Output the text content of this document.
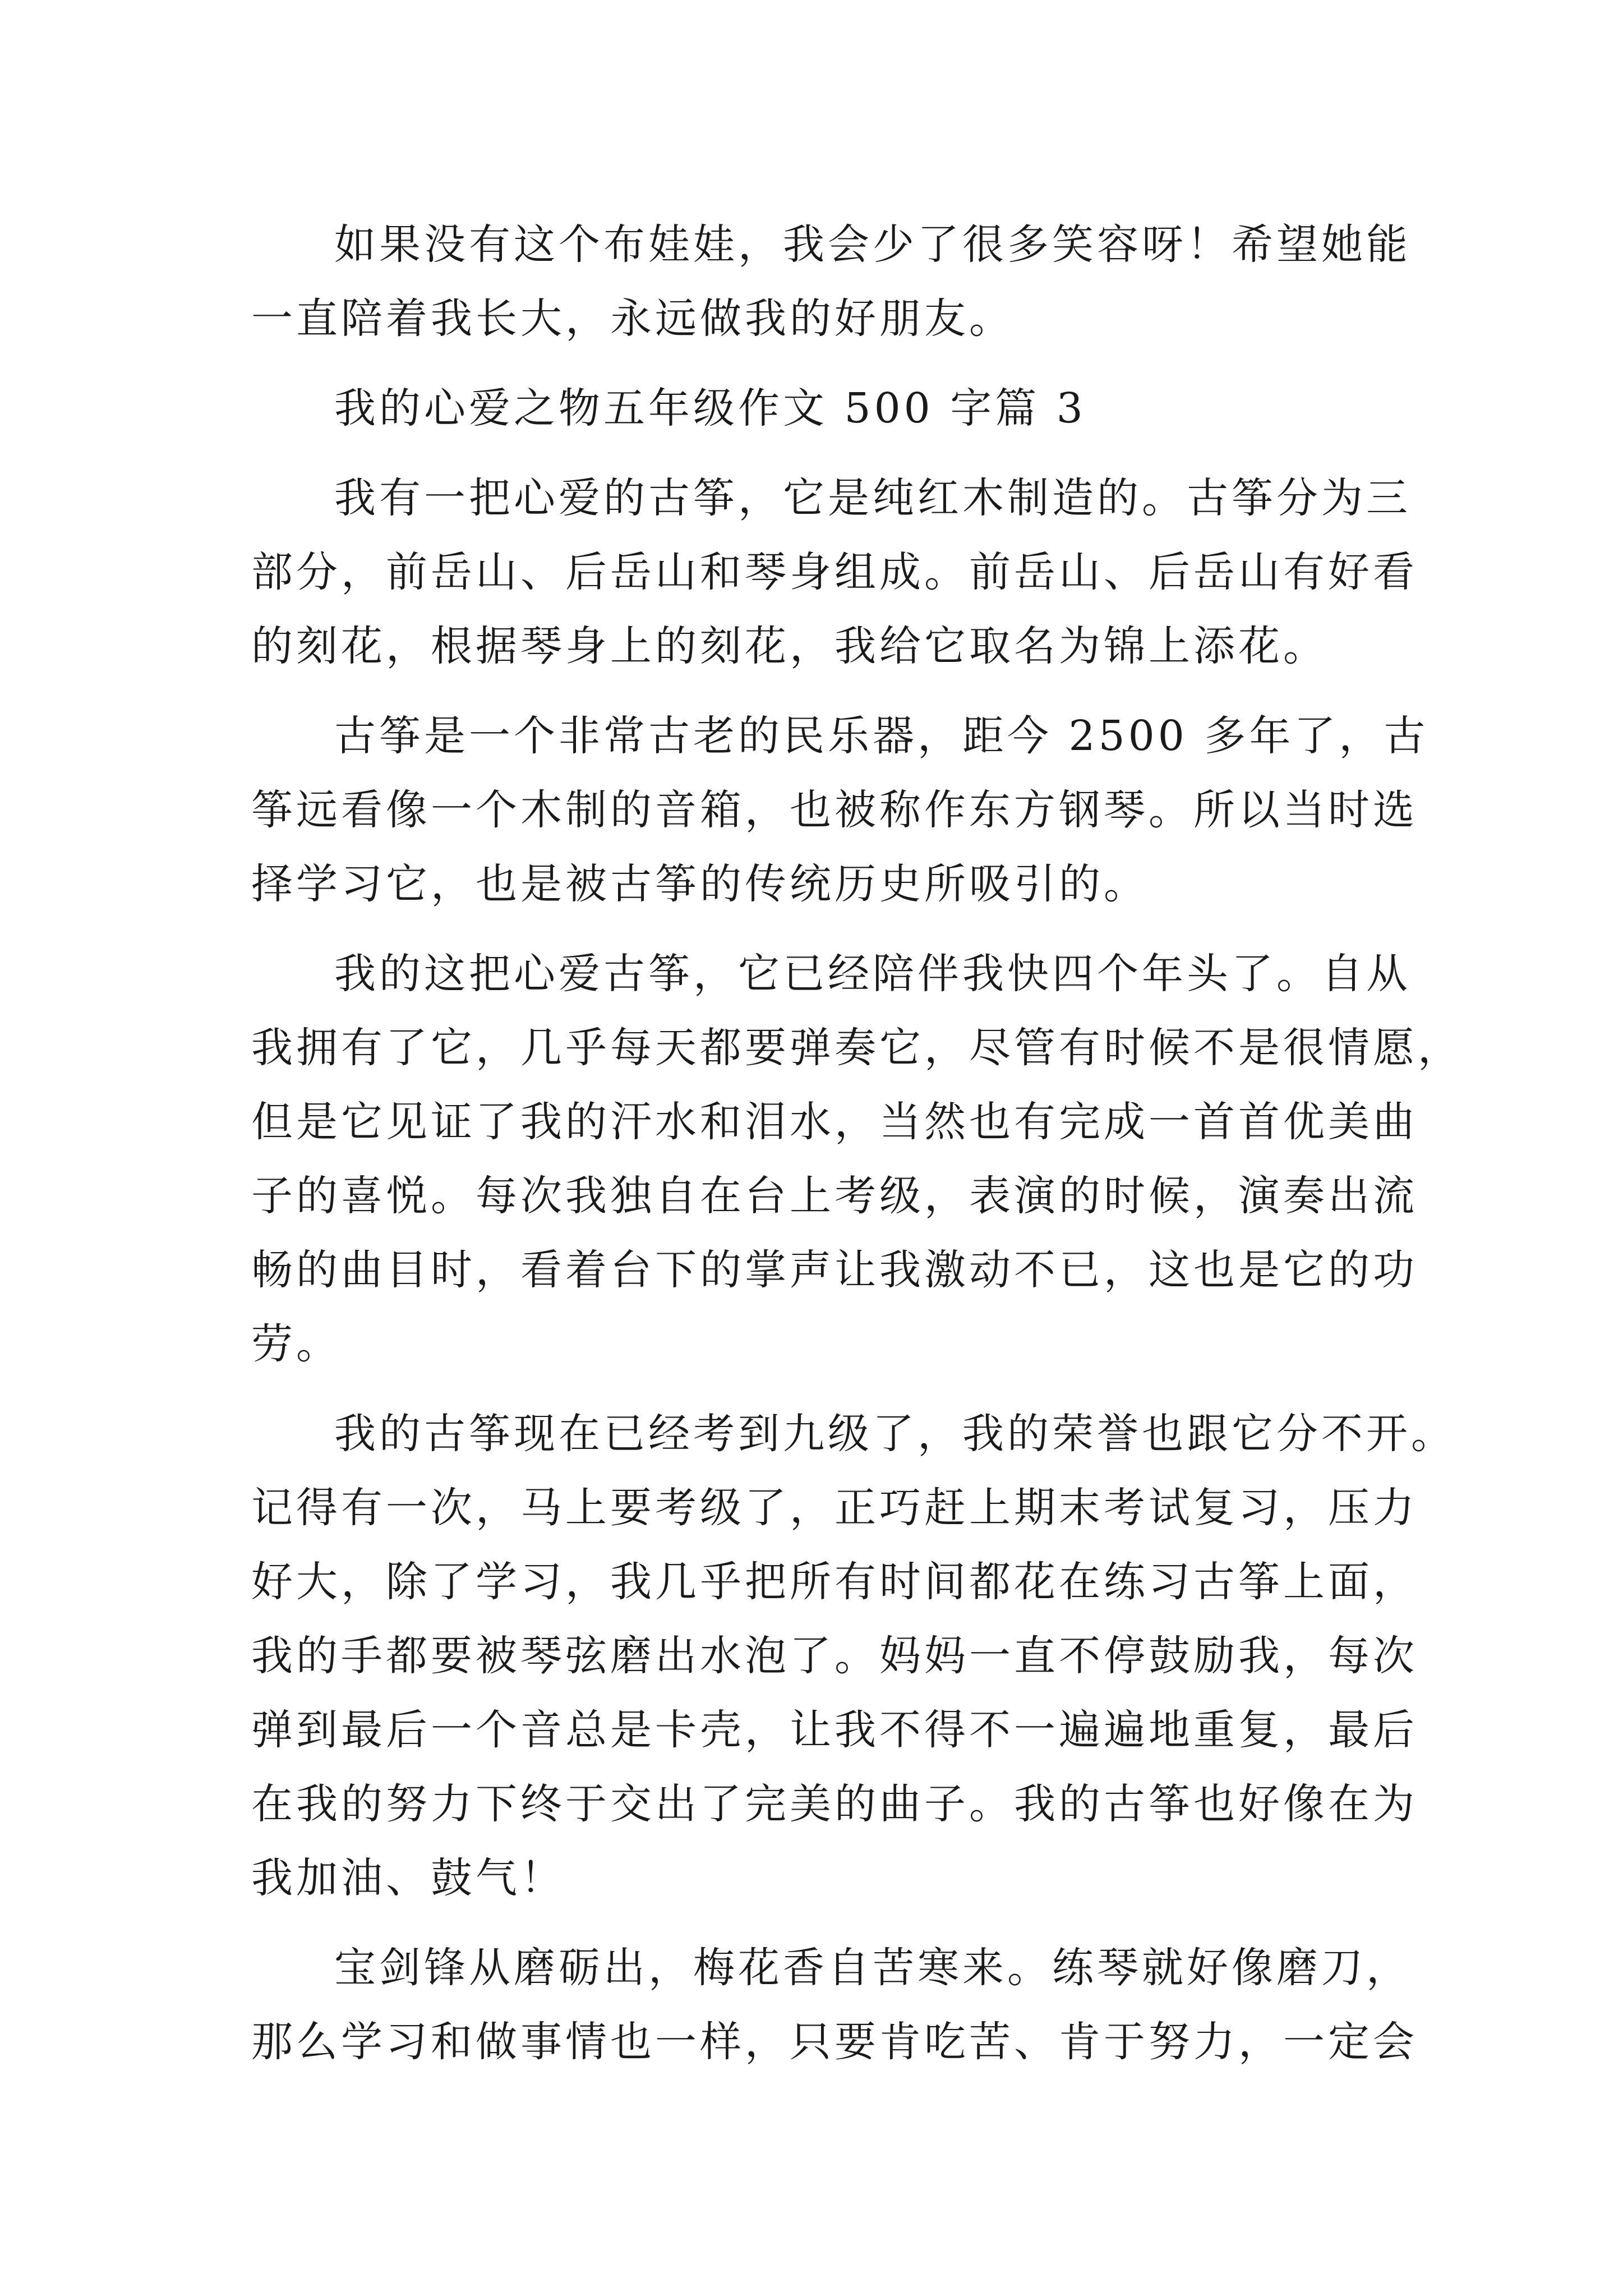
如果没有这个布娃娃，我会少了很多笑容呀！希望她能
一直陪着我长大，永远做我的好朋友。
我的心爱之物五年级作文 500 字篇 3
我有一把心爱的古筝，它是纯红木制造的。古筝分为三
部分，前岳山、后岳山和琴身组成。前岳山、后岳山有好看
的刻花，根据琴身上的刻花，我给它取名为锦上添花。
古筝是一个非常古老的民乐器，距今 2500 多年了，古
筝远看像一个木制的音箱，也被称作东方钢琴。所以当时选
择学习它，也是被古筝的传统历史所吸引的。
我的这把心爱古筝，它已经陪伴我快四个年头了。自从
我拥有了它，几乎每天都要弹奏它，尽管有时候不是很情愿，
但是它见证了我的汗水和泪水，当然也有完成一首首优美曲
子的喜悦。每次我独自在台上考级，表演的时候，演奏出流
畅的曲目时，看着台下的掌声让我激动不已，这也是它的功
劳。
我的古筝现在已经考到九级了，我的荣誉也跟它分不开。
记得有一次，马上要考级了，正巧赶上期末考试复习，压力
好大，除了学习，我几乎把所有时间都花在练习古筝上面，
我的手都要被琴弦磨出水泡了。妈妈一直不停鼓励我，每次
弹到最后一个音总是卡壳，让我不得不一遍遍地重复，最后
在我的努力下终于交出了完美的曲子。我的古筝也好像在为
我加油、鼓气！
宝剑锋从磨砺出，梅花香自苦寒来。练琴就好像磨刀，
那么学习和做事情也一样，只要肯吃苦、肯于努力，一定会
